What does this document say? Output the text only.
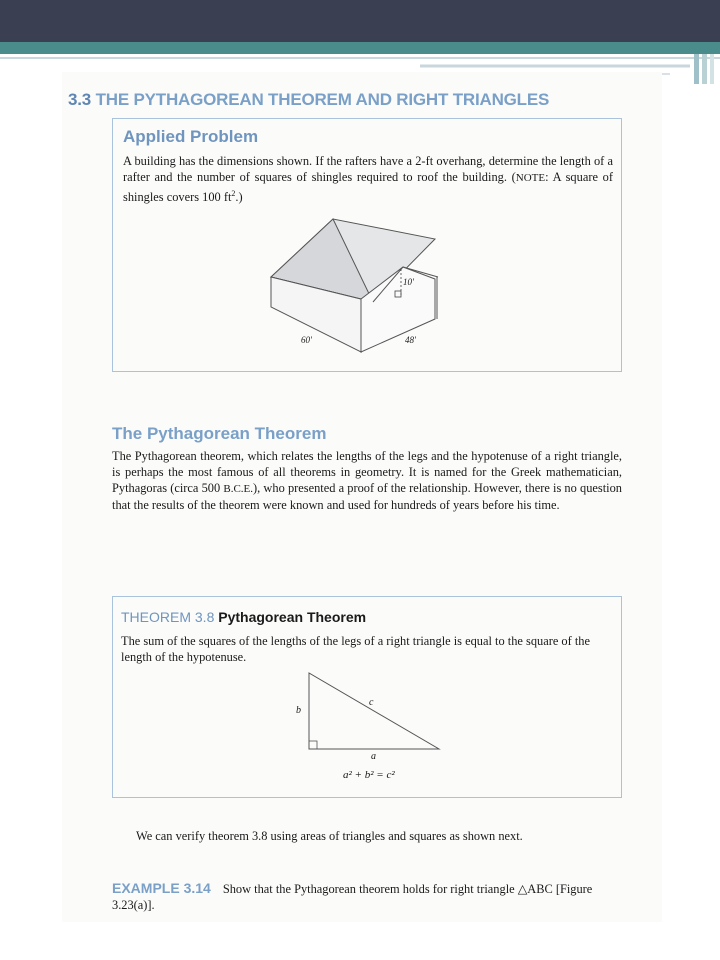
3.3 THE PYTHAGOREAN THEOREM AND RIGHT TRIANGLES
Applied Problem
A building has the dimensions shown. If the rafters have a 2-ft overhang, determine the length of a rafter and the number of squares of shingles required to roof the building. (NOTE: A square of shingles covers 100 $ft^2$.)
10'
60'	48'
The Pythagorean Theorem
The Pythagorean theorem, which relates the lengths of the legs and the hypotenuse of a right triangle, is perhaps the most famous of all theorems in geometry. It is named for the Greek mathematician, Pythagoras (circa 500 B.C.E.), who presented a proof of the relationship. However, there is no question that the results of the theorem were known and used for hundreds of years before his time.
THEOREM 3.8 Pythagorean Theorem
The sum of the squares of the lengths of the legs of a right triangle is equal to the square of the length of the hypotenuse.
b
c
a
a² + b² = c²
We can verify theorem 3.8 using areas of triangles and squares as shown next.
EXAMPLE 3.14 Show that the Pythagorean theorem holds for right triangle △ABC [Figure 3.23(a)].
